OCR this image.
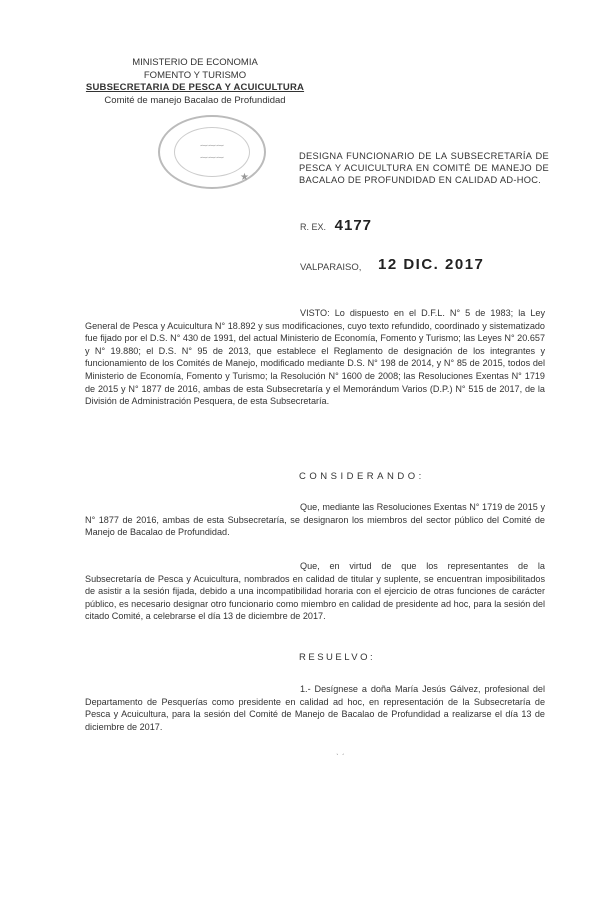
MINISTERIO DE ECONOMIA
FOMENTO Y TURISMO
SUBSECRETARIA DE PESCA Y ACUICULTURA
Comité de manejo Bacalao de Profundidad
⁓⁓⁓
⁓⁓⁓
★
DESIGNA FUNCIONARIO DE LA SUBSECRETARÍA DE PESCA Y ACUICULTURA EN COMITÉ DE MANEJO DE BACALAO DE PROFUNDIDAD EN CALIDAD AD-HOC.
R. EX. 4177
VALPARAISO, 12 DIC. 2017
VISTO: Lo dispuesto en el D.F.L. N° 5 de 1983; la Ley General de Pesca y Acuicultura N° 18.892 y sus modificaciones, cuyo texto refundido, coordinado y sistematizado fue fijado por el D.S. N° 430 de 1991, del actual Ministerio de Economía, Fomento y Turismo; las Leyes N° 20.657 y N° 19.880; el D.S. N° 95 de 2013, que establece el Reglamento de designación de los integrantes y funcionamiento de los Comités de Manejo, modificado mediante D.S. N° 198 de 2014, y N° 85 de 2015, todos del Ministerio de Economía, Fomento y Turismo; la Resolución N° 1600 de 2008; las Resoluciones Exentas N° 1719 de 2015 y N° 1877 de 2016, ambas de esta Subsecretaría y el Memorándum Varios (D.P.) N° 515 de 2017, de la División de Administración Pesquera, de esta Subsecretaría.
CONSIDERANDO:
Que, mediante las Resoluciones Exentas N° 1719 de 2015 y N° 1877 de 2016, ambas de esta Subsecretaría, se designaron los miembros del sector público del Comité de Manejo de Bacalao de Profundidad.
Que, en virtud de que los representantes de la Subsecretaría de Pesca y Acuicultura, nombrados en calidad de titular y suplente, se encuentran imposibilitados de asistir a la sesión fijada, debido a una incompatibilidad horaria con el ejercicio de otras funciones de carácter público, es necesario designar otro funcionario como miembro en calidad de presidente ad hoc, para la sesión del citado Comité, a celebrarse el día 13 de diciembre de 2017.
RESUELVO:
1.- Desígnese a doña María Jesús Gálvez, profesional del Departamento de Pesquerías como presidente en calidad ad hoc, en representación de la Subsecretaría de Pesca y Acuicultura, para la sesión del Comité de Manejo de Bacalao de Profundidad a realizarse el día 13 de diciembre de 2017.
ˎ ˏ
